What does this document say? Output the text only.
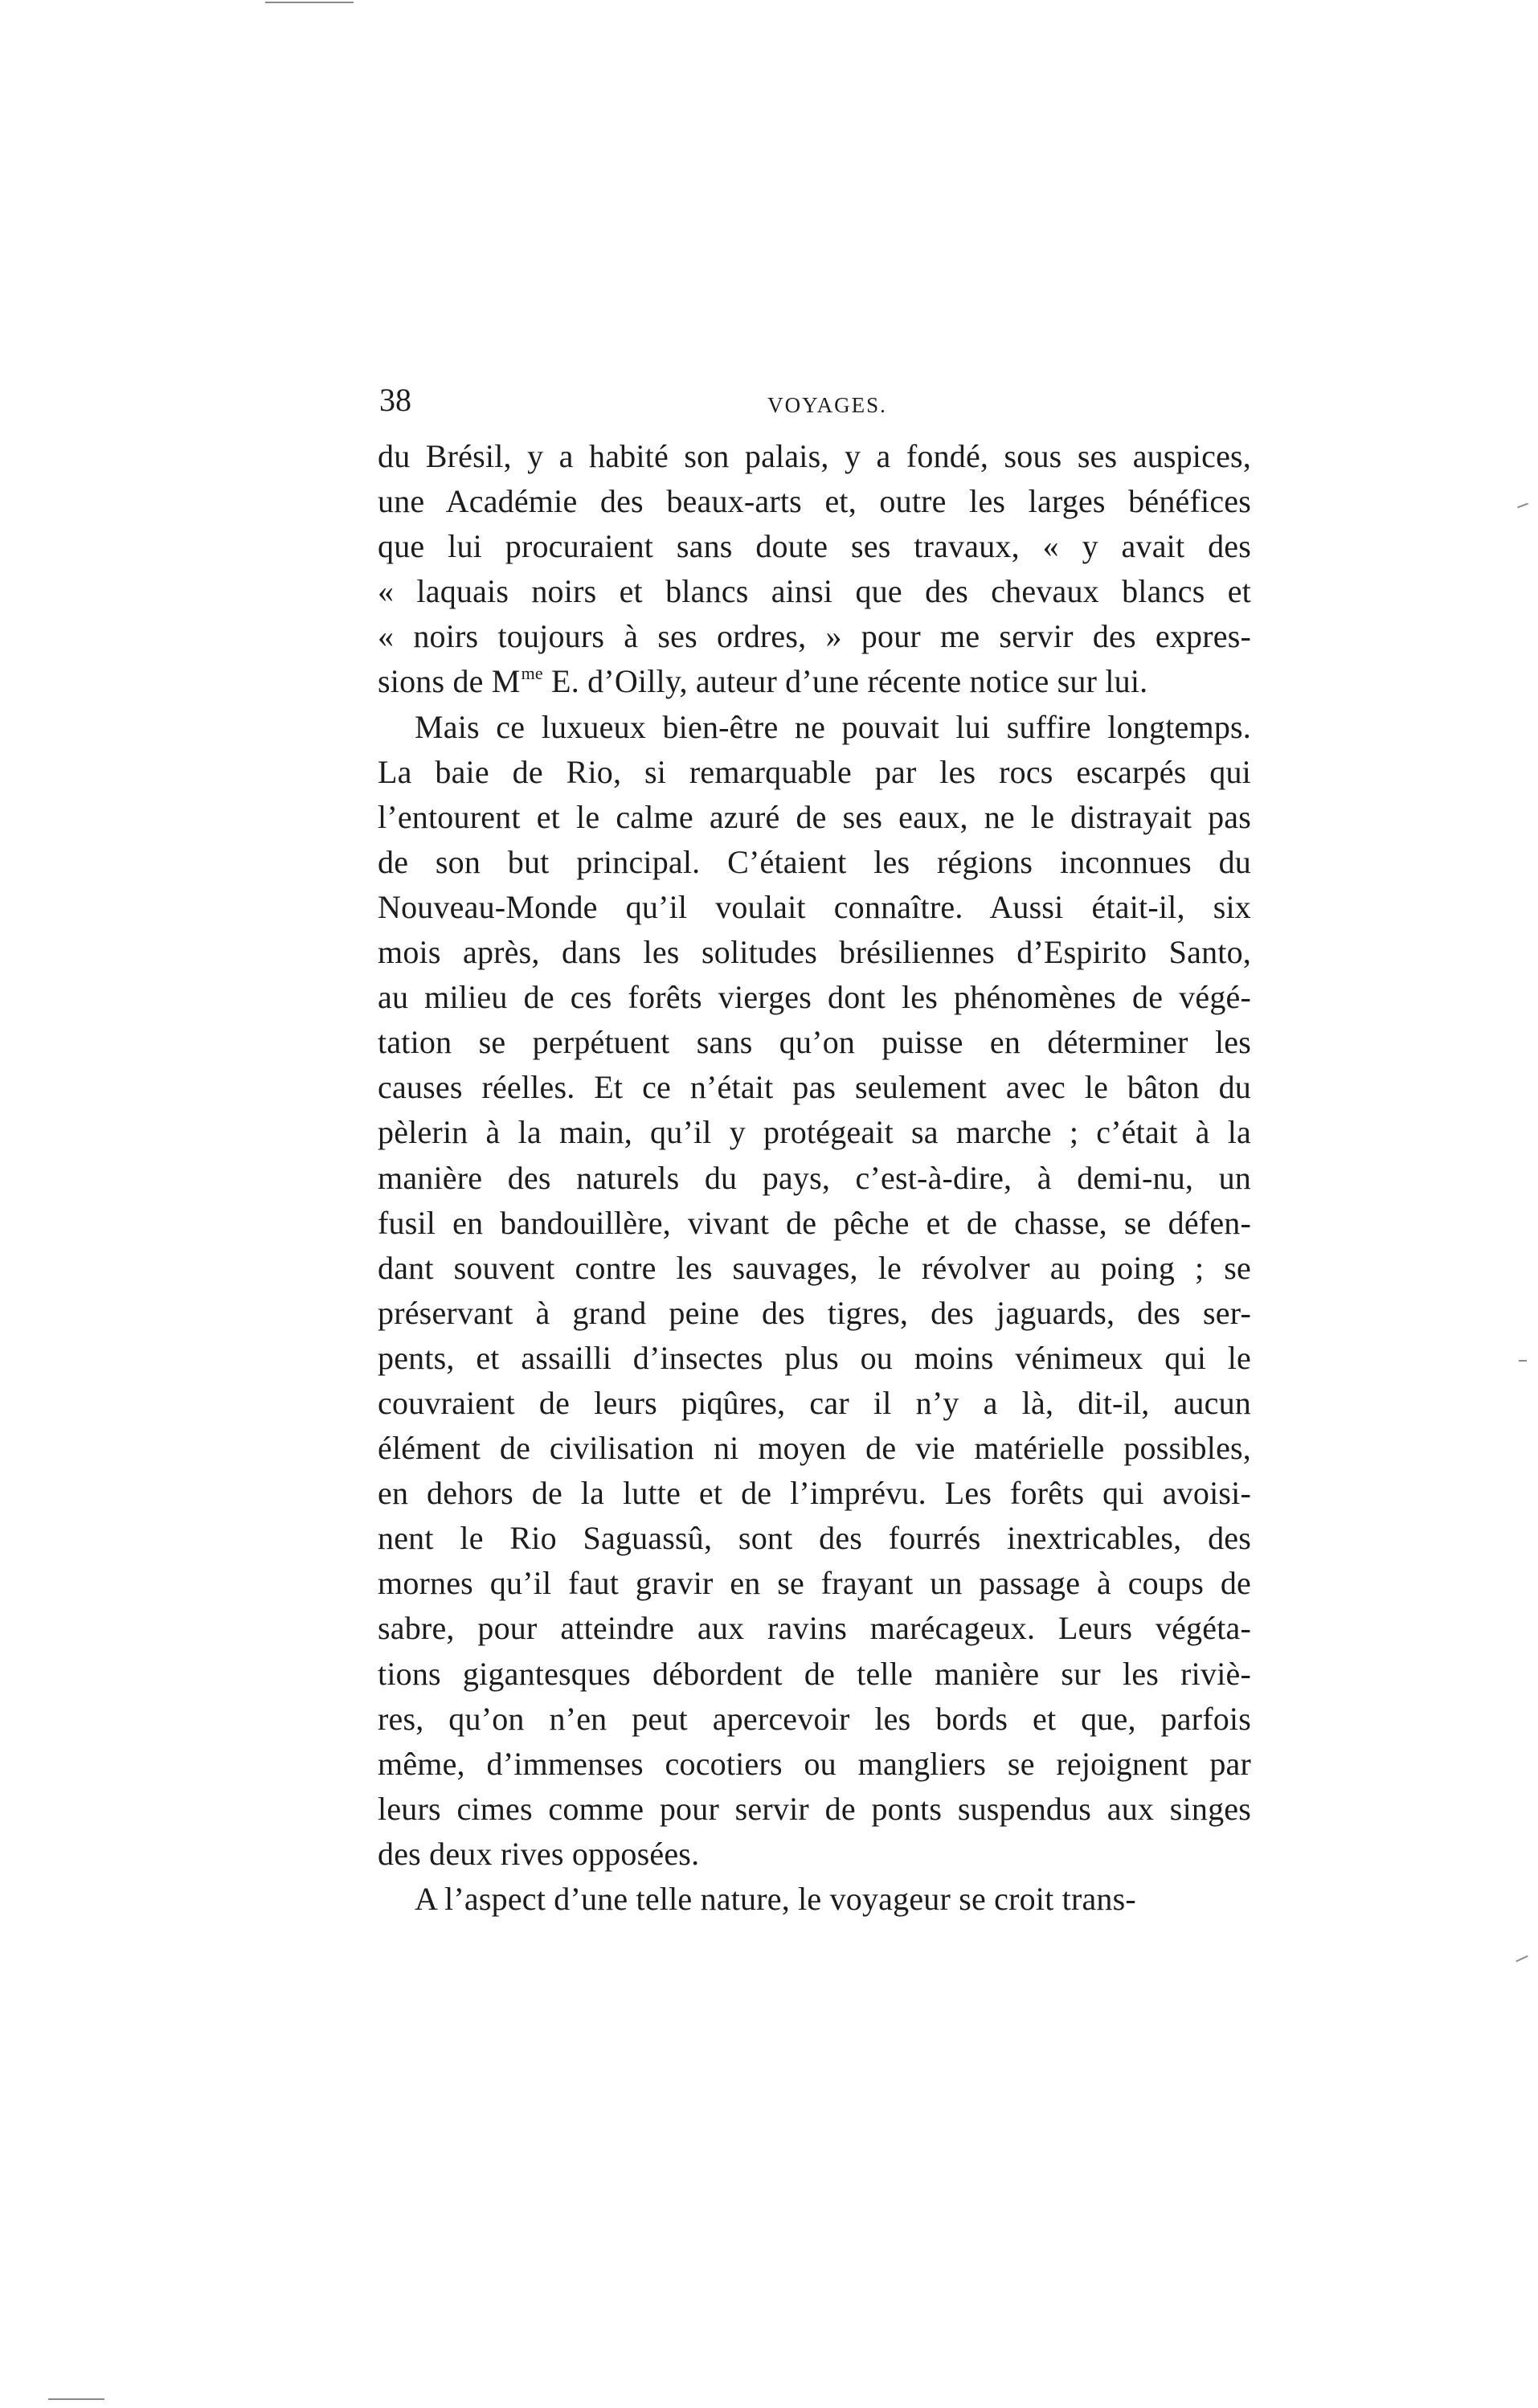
38	VOYAGES.
du Brésil, y a habité son palais, y a fondé, sous ses auspices,
une Académie des beaux-arts et, outre les larges bénéfices
que lui procuraient sans doute ses travaux, « y avait des
« laquais noirs et blancs ainsi que des chevaux blancs et
« noirs toujours à ses ordres, » pour me servir des expres-
sions de $M^{me}$ E. d’Oilly, auteur d’une récente notice sur lui.
Mais ce luxueux bien-être ne pouvait lui suffire longtemps.
La baie de Rio, si remarquable par les rocs escarpés qui
l’entourent et le calme azuré de ses eaux, ne le distrayait pas
de son but principal. C’étaient les régions inconnues du
Nouveau-Monde qu’il voulait connaître. Aussi était-il, six
mois après, dans les solitudes brésiliennes d’Espirito Santo,
au milieu de ces forêts vierges dont les phénomènes de végé-
tation se perpétuent sans qu’on puisse en déterminer les
causes réelles. Et ce n’était pas seulement avec le bâton du
pèlerin à la main, qu’il y protégeait sa marche ; c’était à la
manière des naturels du pays, c’est-à-dire, à demi-nu, un
fusil en bandouillère, vivant de pêche et de chasse, se défen-
dant souvent contre les sauvages, le révolver au poing ; se
préservant à grand peine des tigres, des jaguards, des ser-
pents, et assailli d’insectes plus ou moins vénimeux qui le
couvraient de leurs piqûres, car il n’y a là, dit-il, aucun
élément de civilisation ni moyen de vie matérielle possibles,
en dehors de la lutte et de l’imprévu. Les forêts qui avoisi-
nent le Rio Saguassû, sont des fourrés inextricables, des
mornes qu’il faut gravir en se frayant un passage à coups de
sabre, pour atteindre aux ravins marécageux. Leurs végéta-
tions gigantesques débordent de telle manière sur les riviè-
res, qu’on n’en peut apercevoir les bords et que, parfois
même, d’immenses cocotiers ou mangliers se rejoignent par
leurs cimes comme pour servir de ponts suspendus aux singes
des deux rives opposées.
A l’aspect d’une telle nature, le voyageur se croit trans-
